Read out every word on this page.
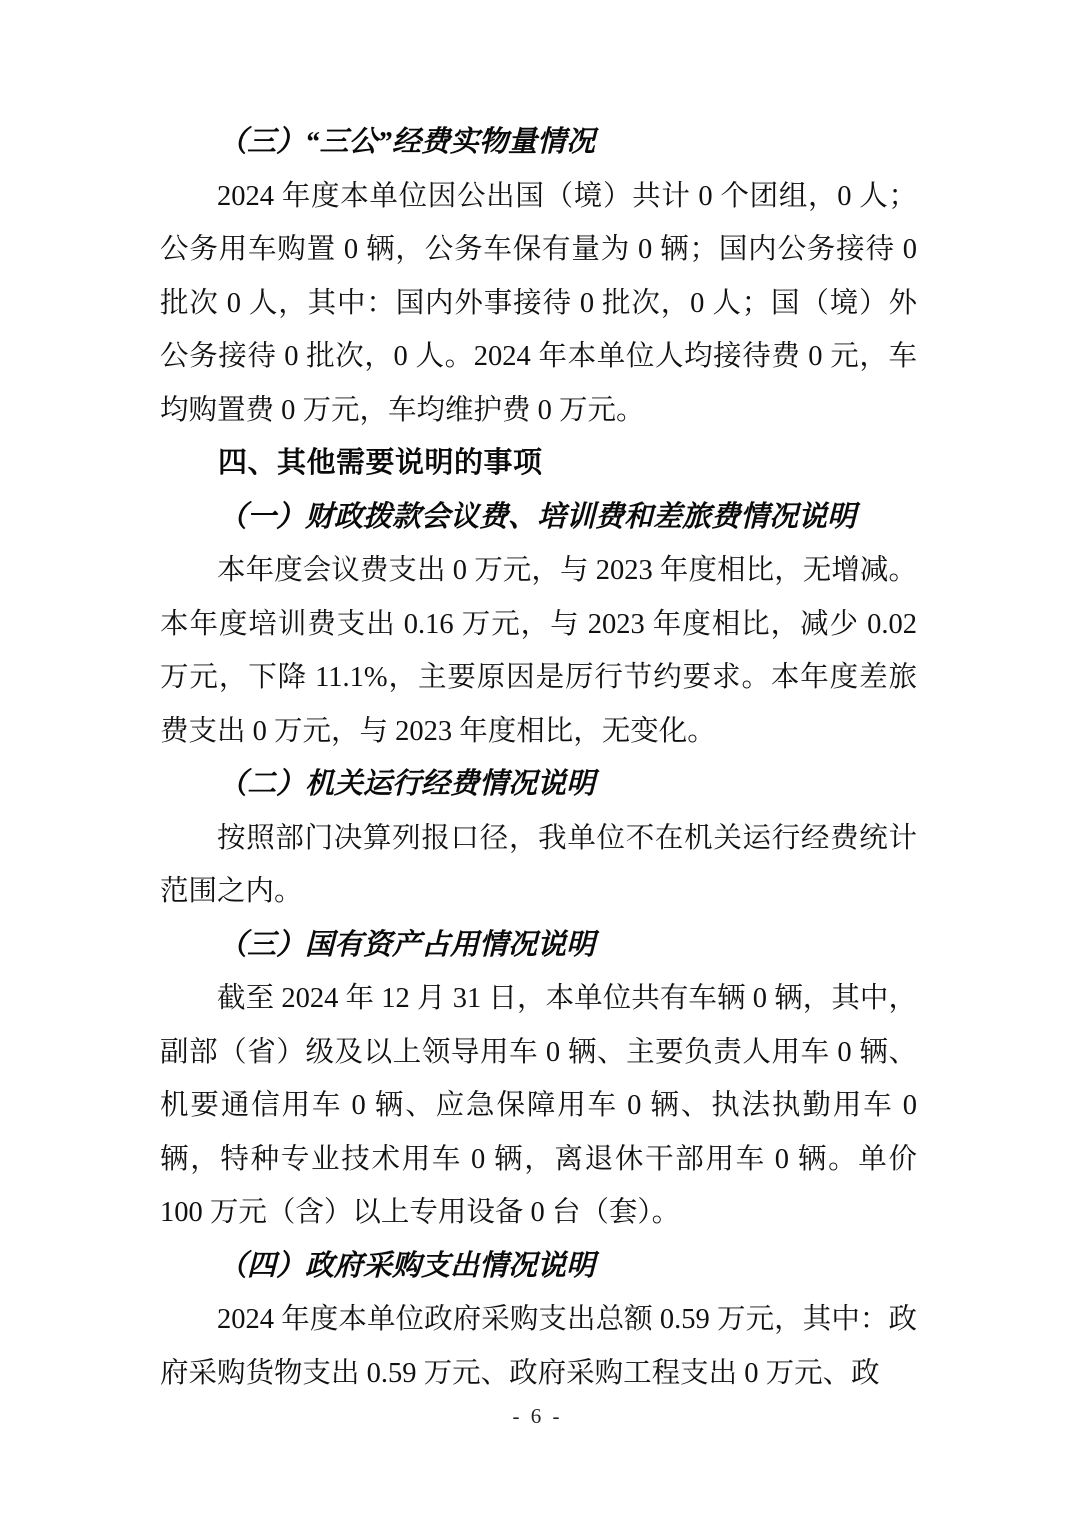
（三）“三公”经费实物量情况

2024 年度本单位因公出国（境）共计 0 个团组，0 人；公务用车购置 0 辆，公务车保有量为 0 辆；国内公务接待 0 批次 0 人，其中：国内外事接待 0 批次，0 人；国（境）外公务接待 0 批次，0 人。2024 年本单位人均接待费 0 元，车均购置费 0 万元，车均维护费 0 万元。

四、其他需要说明的事项
（一）财政拨款会议费、培训费和差旅费情况说明

本年度会议费支出 0 万元，与 2023 年度相比，无增减。本年度培训费支出 0.16 万元，与 2023 年度相比，减少 0.02 万元，下降 11.1%，主要原因是厉行节约要求。本年度差旅费支出 0 万元，与 2023 年度相比，无变化。

（二）机关运行经费情况说明

按照部门决算列报口径，我单位不在机关运行经费统计范围之内。

（三）国有资产占用情况说明

截至 2024 年 12 月 31 日，本单位共有车辆 0 辆，其中，副部（省）级及以上领导用车 0 辆、主要负责人用车 0 辆、机要通信用车 0 辆、应急保障用车 0 辆、执法执勤用车 0 辆，特种专业技术用车 0 辆，离退休干部用车 0 辆。单价 100 万元（含）以上专用设备 0 台（套）。

（四）政府采购支出情况说明

2024 年度本单位政府采购支出总额 0.59 万元，其中：政府采购货物支出 0.59 万元、政府采购工程支出 0 万元、政

- 6 -
